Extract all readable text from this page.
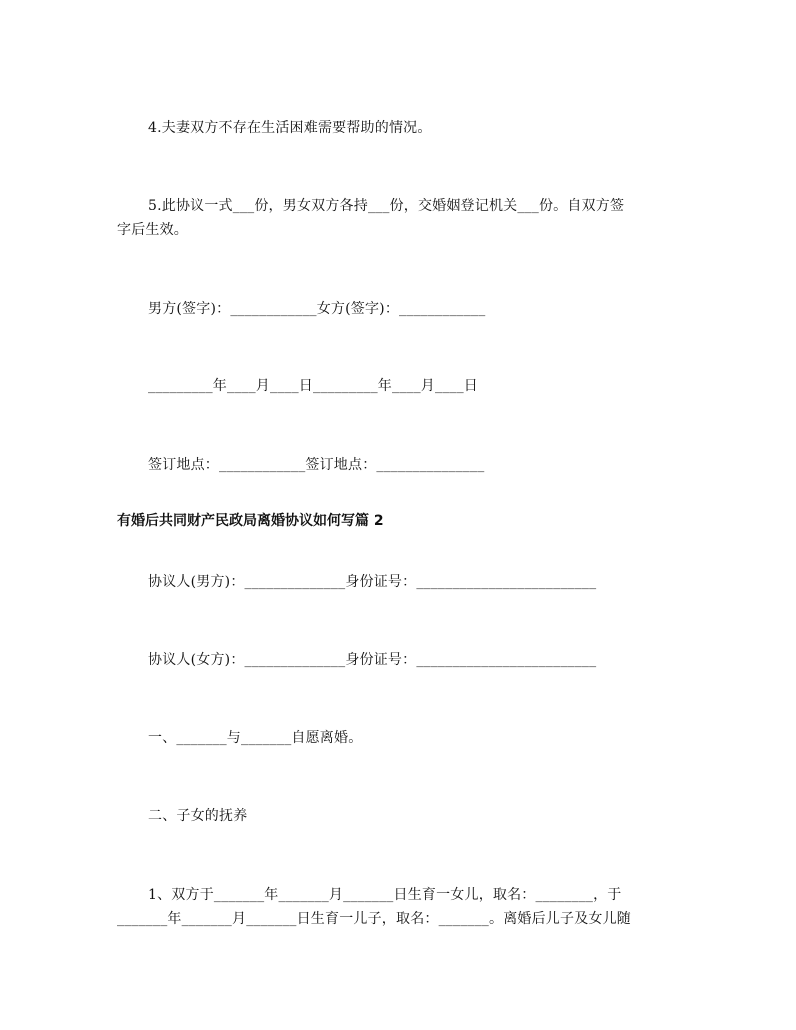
4.夫妻双方不存在生活困难需要帮助的情况。
5.此协议一式___份，男女双方各持___份，交婚姻登记机关___份。自双方签
字后生效。
男方(签字)：____________女方(签字)：____________
_________年____月____日_________年____月____日
签订地点：____________签订地点：_______________
有婚后共同财产民政局离婚协议如何写篇 2
协议人(男方)：______________身份证号：_________________________
协议人(女方)：______________身份证号：_________________________
一、_______与_______自愿离婚。
二、子女的抚养
1、双方于_______年_______月_______日生育一女儿，取名：________，于
_______年_______月_______日生育一儿子，取名：_______。离婚后儿子及女儿随
